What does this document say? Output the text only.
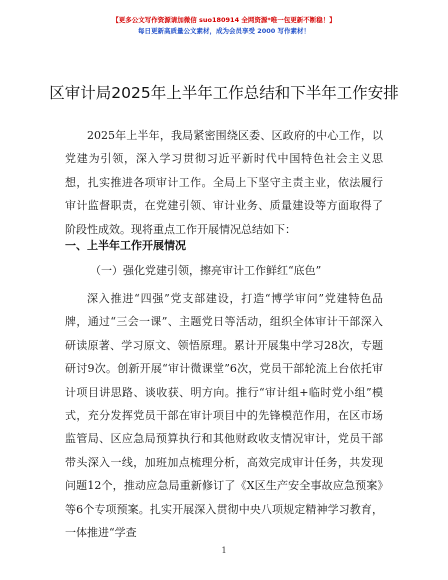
【更多公文写作资源请加微信 suo180914 全网资源*唯一包更新不断稳！】
每日更新高质量公文素材，成为会员享受 2000 写作素材！
区审计局2025年上半年工作总结和下半年工作安排
2025年上半年，我局紧密围绕区委、区政府的中心工作，以党建为引领，深入学习贯彻习近平新时代中国特色社会主义思想，扎实推进各项审计工作。全局上下坚守主责主业，依法履行审计监督职责，在党建引领、审计业务、质量建设等方面取得了阶段性成效。现将重点工作开展情况总结如下：
一、上半年工作开展情况
（一）强化党建引领，擦亮审计工作鲜红“底色”
深入推进“四强”党支部建设，打造“博学审问”党建特色品牌，通过“三会一课”、主题党日等活动，组织全体审计干部深入研读原著、学习原文、领悟原理。累计开展集中学习28次，专题研讨9次。创新开展“审计微课堂”6次，党员干部轮流上台依托审计项目讲思路、谈收获、明方向。推行“审计组+临时党小组”模式，充分发挥党员干部在审计项目中的先锋模范作用，在区市场监管局、区应急局预算执行和其他财政收支情况审计，党员干部带头深入一线，加班加点梳理分析，高效完成审计任务，共发现问题12个，推动应急局重新修订了《X区生产安全事故应急预案》等6个专项预案。扎实开展深入贯彻中央八项规定精神学习教育，一体推进“学查
1
